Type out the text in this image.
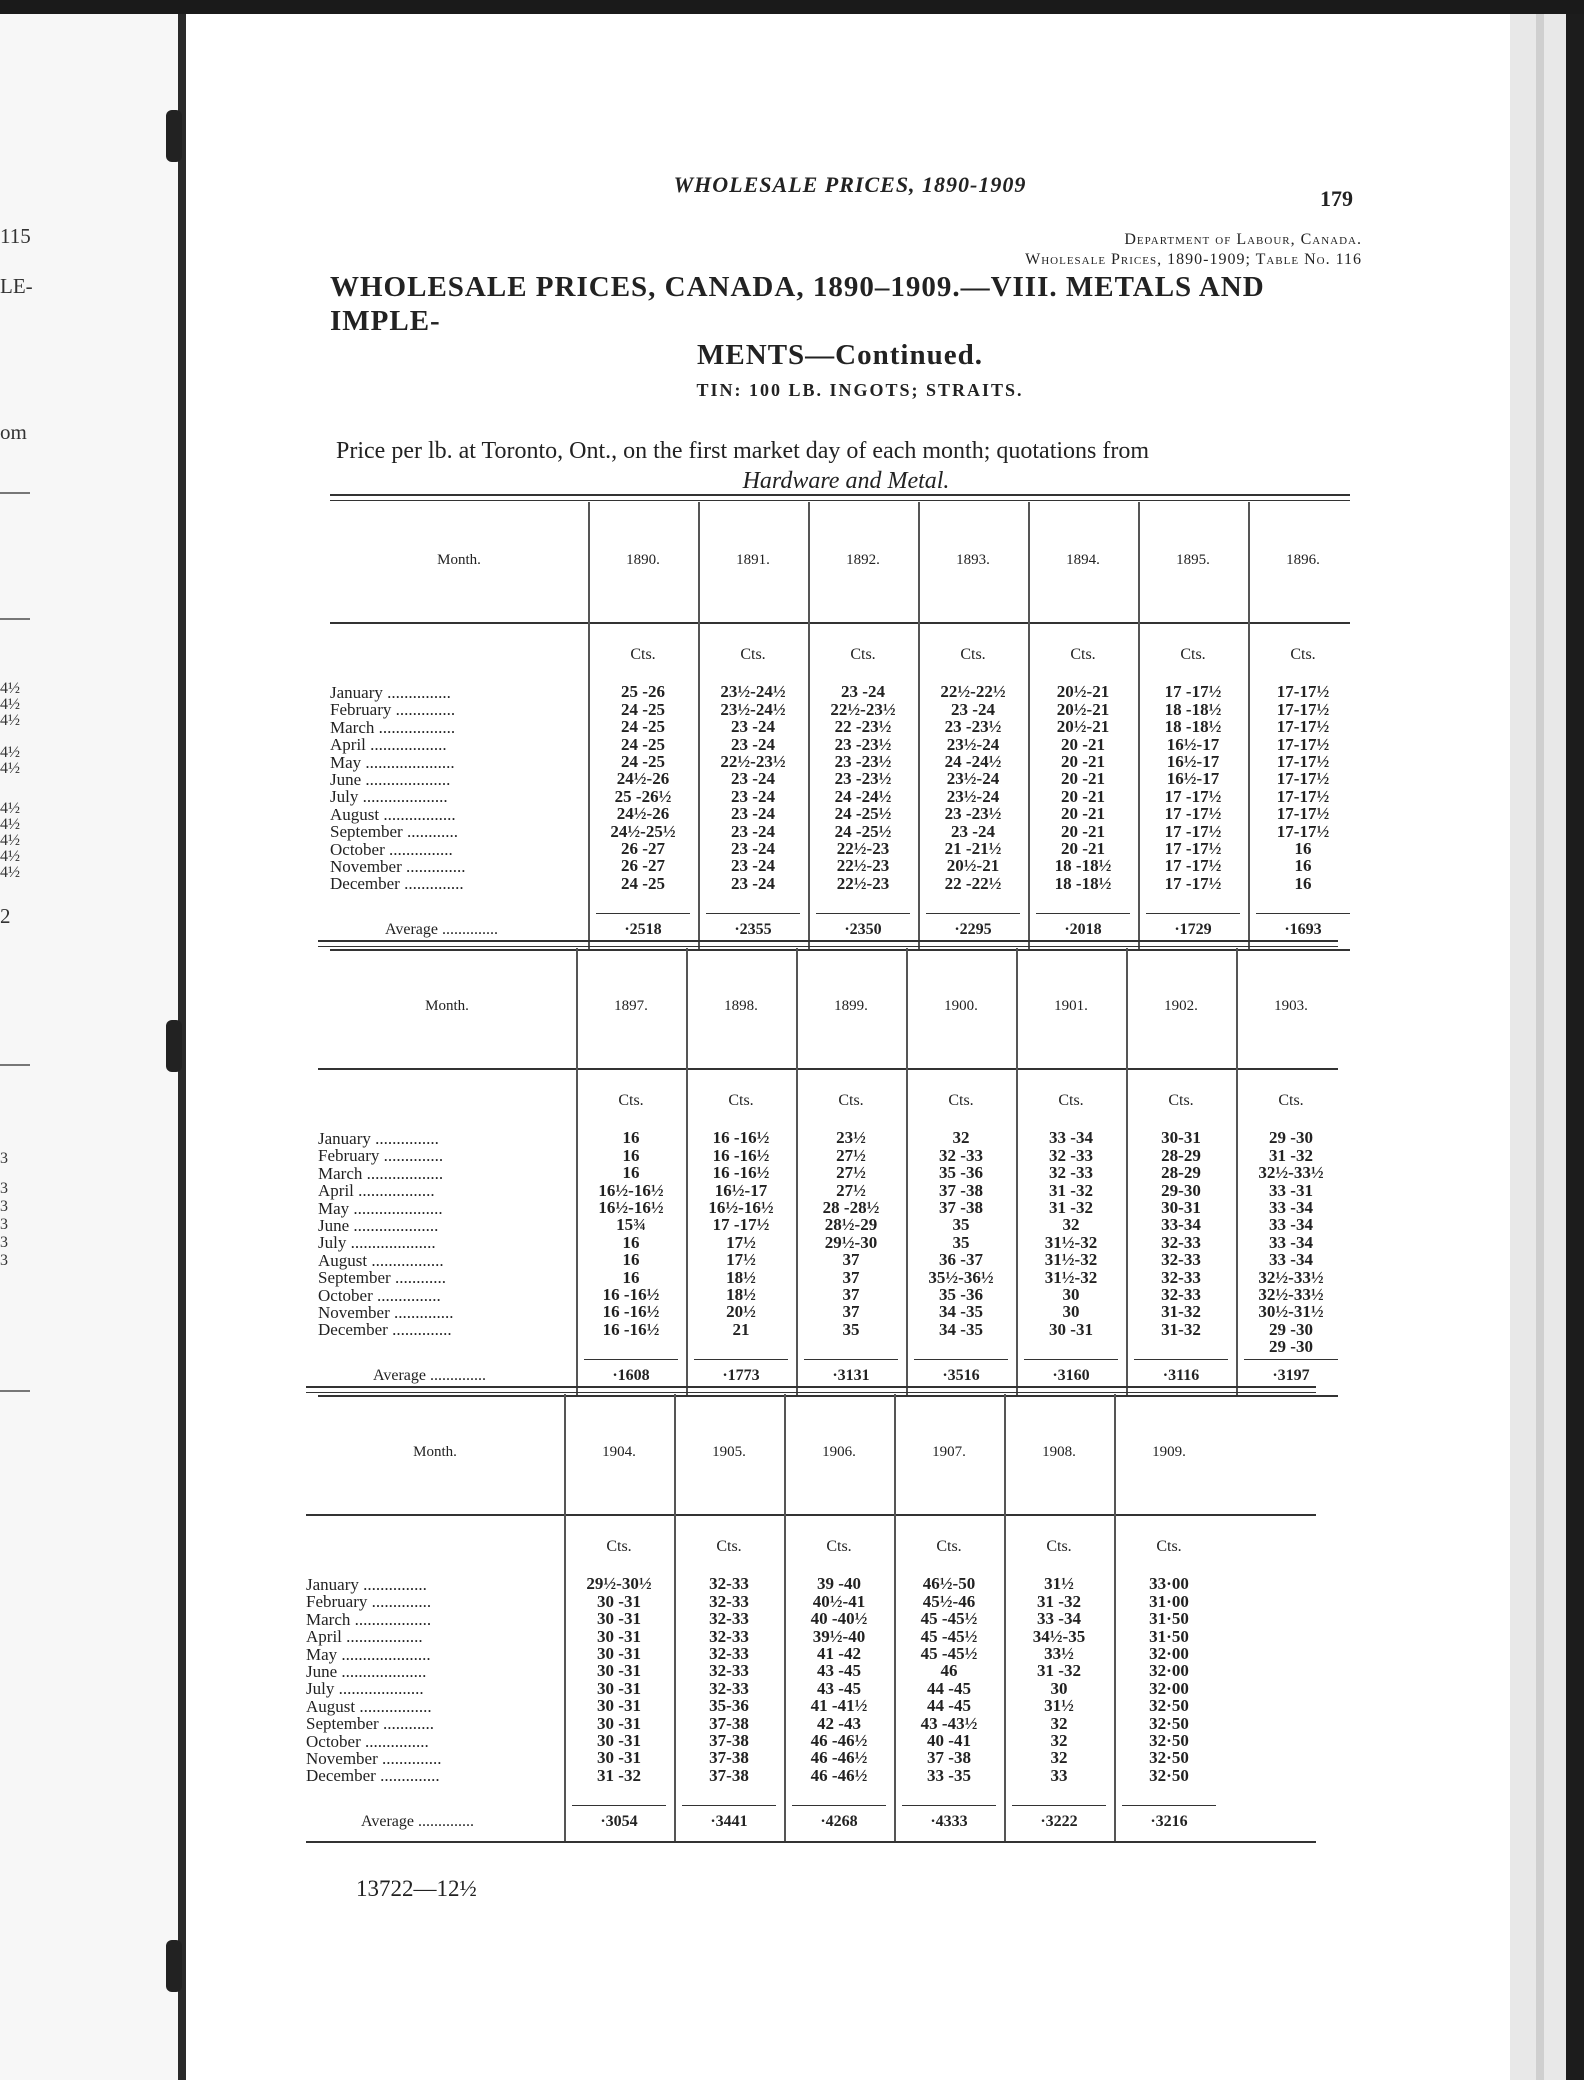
115
LE-
om
4½
4½
4½
4½
4½
4½
4½
4½
4½
4½
3
3
3
3
3
3
2
WHOLESALE PRICES, 1890-1909
179
Department of Labour, Canada.
Wholesale Prices, 1890-1909; Table No. 116
WHOLESALE PRICES, CANADA, 1890–1909.—VIII. METALS AND IMPLE-
MENTS—Continued.
TIN: 100 LB. INGOTS; STRAITS.
Price per lb. at Toronto, Ont., on the first market day of each month; quotations from
Hardware and Metal.
Month.
January ...............
February ..............
March ..................
April ..................
May .....................
June ....................
July ....................
August .................
September ............
October ...............
November ..............
December ..............
Average ..............
1890.
Cts.
25 -26
24 -25
24 -25
24 -25
24 -25
24½-26
25 -26½
24½-26
24½-25½
26 -27
26 -27
24 -25
·2518
1891.
Cts.
23½-24½
23½-24½
23 -24
23 -24
22½-23½
23 -24
23 -24
23 -24
23 -24
23 -24
23 -24
23 -24
·2355
1892.
Cts.
23 -24
22½-23½
22 -23½
23 -23½
23 -23½
23 -23½
24 -24½
24 -25½
24 -25½
22½-23
22½-23
22½-23
·2350
1893.
Cts.
22½-22½
23 -24
23 -23½
23½-24
24 -24½
23½-24
23½-24
23 -23½
23 -24
21 -21½
20½-21
22 -22½
·2295
1894.
Cts.
20½-21
20½-21
20½-21
20 -21
20 -21
20 -21
20 -21
20 -21
20 -21
20 -21
18 -18½
18 -18½
·2018
1895.
Cts.
17 -17½
18 -18½
18 -18½
16½-17
16½-17
16½-17
17 -17½
17 -17½
17 -17½
17 -17½
17 -17½
17 -17½
·1729
1896.
Cts.
17-17½
17-17½
17-17½
17-17½
17-17½
17-17½
17-17½
17-17½
17-17½
16
16
16
·1693
Month.
January ...............
February ..............
March ..................
April ..................
May .....................
June ....................
July ....................
August .................
September ............
October ...............
November ..............
December ..............
Average ..............
1897.
Cts.
16
16
16
16½-16½
16½-16½
15¾
16
16
16
16 -16½
16 -16½
16 -16½
·1608
1898.
Cts.
16 -16½
16 -16½
16 -16½
16½-17
16½-16½
17 -17½
17½
17½
18½
18½
20½
21
·1773
1899.
Cts.
23½
27½
27½
27½
28 -28½
28½-29
29½-30
37
37
37
37
35
·3131
1900.
Cts.
32
32 -33
35 -36
37 -38
37 -38
35
35
36 -37
35½-36½
35 -36
34 -35
34 -35
·3516
1901.
Cts.
33 -34
32 -33
32 -33
31 -32
31 -32
32
31½-32
31½-32
31½-32
30
30
30 -31
·3160
1902.
Cts.
30-31
28-29
28-29
29-30
30-31
33-34
32-33
32-33
32-33
32-33
31-32
31-32
·3116
1903.
Cts.
29 -30
31 -32
32½-33½
33 -31
33 -34
33 -34
33 -34
33 -34
32½-33½
32½-33½
30½-31½
29 -30
29 -30
·3197
Month.
January ...............
February ..............
March ..................
April ..................
May .....................
June ....................
July ....................
August .................
September ............
October ...............
November ..............
December ..............
Average ..............
1904.
Cts.
29½-30½
30 -31
30 -31
30 -31
30 -31
30 -31
30 -31
30 -31
30 -31
30 -31
30 -31
31 -32
·3054
1905.
Cts.
32-33
32-33
32-33
32-33
32-33
32-33
32-33
35-36
37-38
37-38
37-38
37-38
·3441
1906.
Cts.
39 -40
40½-41
40 -40½
39½-40
41 -42
43 -45
43 -45
41 -41½
42 -43
46 -46½
46 -46½
46 -46½
·4268
1907.
Cts.
46½-50
45½-46
45 -45½
45 -45½
45 -45½
46
44 -45
44 -45
43 -43½
40 -41
37 -38
33 -35
·4333
1908.
Cts.
31½
31 -32
33 -34
34½-35
33½
31 -32
30
31½
32
32
32
33
·3222
1909.
Cts.
33·00
31·00
31·50
31·50
32·00
32·00
32·00
32·50
32·50
32·50
32·50
32·50
·3216
13722—12½
